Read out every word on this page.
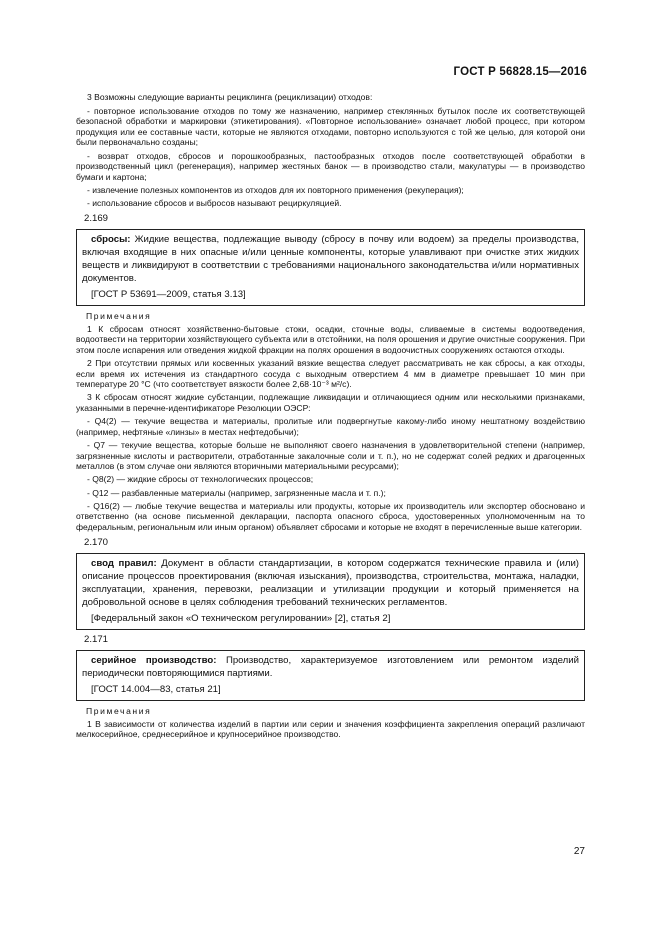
ГОСТ Р 56828.15—2016

3 Возможны следующие варианты рециклинга (рециклизации) отходов:

- повторное использование отходов по тому же назначению, например стеклянных бутылок после их соответствующей безопасной обработки и маркировки (этикетирования). «Повторное использование» означает любой процесс, при котором продукция или ее составные части, которые не являются отходами, повторно используются с той же целью, для которой они были первоначально созданы;

- возврат отходов, сбросов и порошкообразных, пастообразных отходов после соответствующей обработки в производственный цикл (регенерация), например жестяных банок — в производство стали, макулатуры — в производство бумаги и картона;

- извлечение полезных компонентов из отходов для их повторного применения (рекуперация);

- использование сбросов и выбросов называют рециркуляцией.

2.169

сбросы: Жидкие вещества, подлежащие выводу (сбросу в почву или водоем) за пределы производства, включая входящие в них опасные и/или ценные компоненты, которые улавливают при очистке этих жидких веществ и ликвидируют в соответствии с требованиями национального законодательства и/или нормативных документов.

[ГОСТ Р 53691—2009, статья 3.13]
Примечания

1 К сбросам относят хозяйственно-бытовые стоки, осадки, сточные воды, сливаемые в системы водоотведения, водоотвести на территории хозяйствующего субъекта или в отстойники, на поля орошения и другие очистные сооружения. При этом после испарения или отведения жидкой фракции на полях орошения в водоочистных сооружениях остаются отходы.

2 При отсутствии прямых или косвенных указаний вязкие вещества следует рассматривать не как сбросы, а как отходы, если время их истечения из стандартного сосуда с выходным отверстием 4 мм в диаметре превышает 10 мин при температуре 20 °С (что соответствует вязкости более 2,68·10⁻³ м²/с).

3 К сбросам относят жидкие субстанции, подлежащие ликвидации и отличающиеся одним или несколькими признаками, указанными в перечне-идентификаторе Резолюции ОЭСР:

- Q4(2) — текучие вещества и материалы, пролитые или подвергнутые какому-либо иному нештатному воздействию (например, нефтяные «линзы» в местах нефтедобычи);

- Q7 — текучие вещества, которые больше не выполняют своего назначения в удовлетворительной степени (например, загрязненные кислоты и растворители, отработанные закалочные соли и т. п.), но не содержат солей редких и драгоценных металлов (в этом случае они являются вторичными материальными ресурсами);

- Q8(2) — жидкие сбросы от технологических процессов;

- Q12 — разбавленные материалы (например, загрязненные масла и т. п.);

- Q16(2) — любые текучие вещества и материалы или продукты, которые их производитель или экспортер обосновано и ответственно (на основе письменной декларации, паспорта опасного сброса, удостоверенных уполномоченным на то федеральным, региональным или иным органом) объявляет сбросами и которые не входят в перечисленные выше категории.

2.170

свод правил: Документ в области стандартизации, в котором содержатся технические правила и (или) описание процессов проектирования (включая изыскания), производства, строительства, монтажа, наладки, эксплуатации, хранения, перевозки, реализации и утилизации продукции и который применяется на добровольной основе в целях соблюдения требований технических регламентов.

[Федеральный закон «О техническом регулировании» [2], статья 2]
2.171

серийное производство: Производство, характеризуемое изготовлением или ремонтом изделий периодически повторяющимися партиями.

[ГОСТ 14.004—83, статья 21]
Примечания

1 В зависимости от количества изделий в партии или серии и значения коэффициента закрепления операций различают мелкосерийное, среднесерийное и крупносерийное производство.

27
